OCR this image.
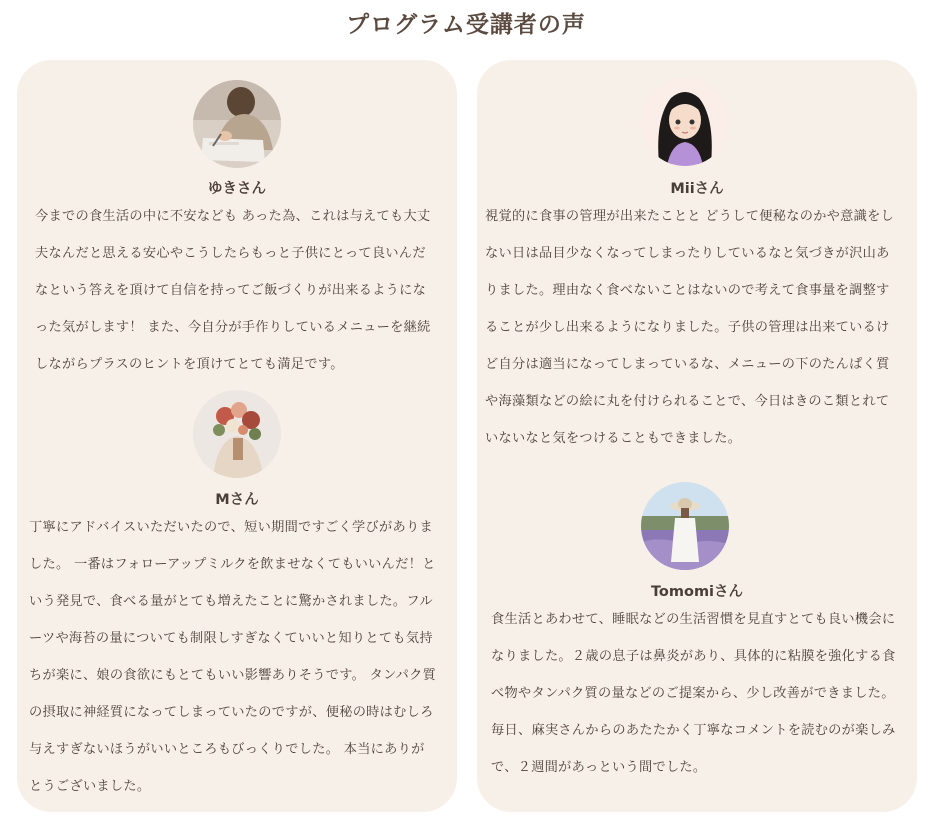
プログラム受講者の声
ゆきさん

今までの食生活の中に不安なども あった為、これは与えても大丈夫なんだと思える安心やこうしたらもっと子供にとって良いんだなという答えを頂けて自信を持ってご飯づくりが出来るようになった気がします！ また、今自分が手作りしているメニューを継続しながらプラスのヒントを頂けてとても満足です。

Mさん

丁寧にアドバイスいただいたので、短い期間ですごく学びがありました。 一番はフォローアップミルクを飲ませなくてもいいんだ！という発見で、食べる量がとても増えたことに驚かされました。フルーツや海苔の量についても制限しすぎなくていいと知りとても気持ちが楽に、娘の食欲にもとてもいい影響ありそうです。 タンパク質の摂取に神経質になってしまっていたのですが、便秘の時はむしろ与えすぎないほうがいいところもびっくりでした。 本当にありがとうございました。

Miiさん

視覚的に食事の管理が出来たことと どうして便秘なのかや意識をしない日は品目少なくなってしまったりしているなと気づきが沢山ありました。理由なく食べないことはないので考えて食事量を調整することが少し出来るようになりました。子供の管理は出来ているけど自分は適当になってしまっているな、メニューの下のたんぱく質や海藻類などの絵に丸を付けられることで、今日はきのこ類とれていないなと気をつけることもできました。

Tomomiさん

食生活とあわせて、睡眠などの生活習慣を見直すとても良い機会になりました。２歳の息子は鼻炎があり、具体的に粘膜を強化する食べ物やタンパク質の量などのご提案から、少し改善ができました。 毎日、麻実さんからのあたたかく丁寧なコメントを読むのが楽しみで、２週間があっという間でした。
